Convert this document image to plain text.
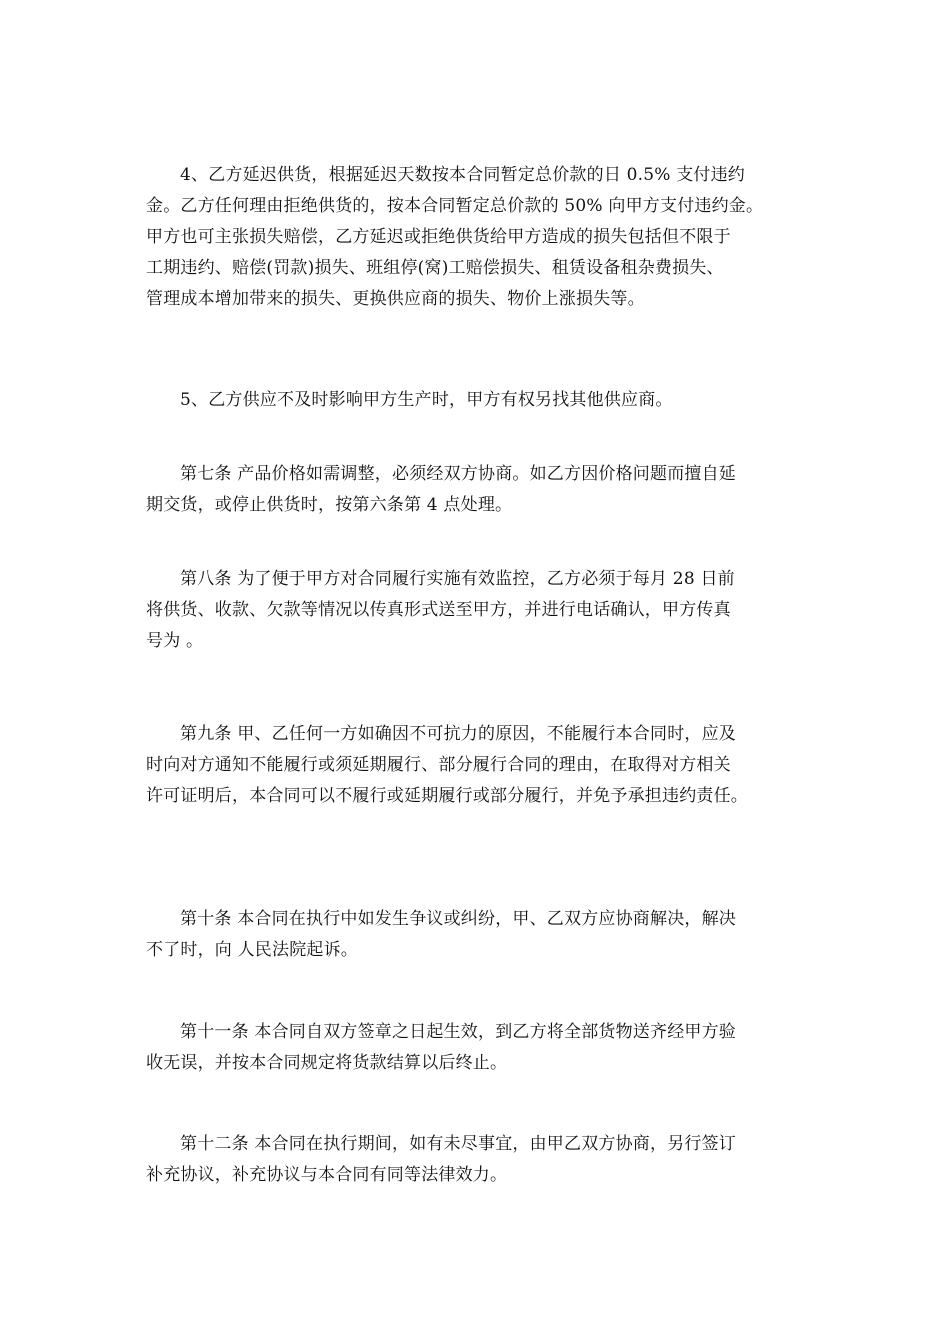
4、乙方延迟供货，根据延迟天数按本合同暂定总价款的日 0.5% 支付违约
金。乙方任何理由拒绝供货的，按本合同暂定总价款的 50% 向甲方支付违约金。
甲方也可主张损失赔偿，乙方延迟或拒绝供货给甲方造成的损失包括但不限于
工期违约、赔偿(罚款)损失、班组停(窝)工赔偿损失、租赁设备租杂费损失、
管理成本增加带来的损失、更换供应商的损失、物价上涨损失等。
5、乙方供应不及时影响甲方生产时，甲方有权另找其他供应商。
第七条 产品价格如需调整，必须经双方协商。如乙方因价格问题而擅自延
期交货，或停止供货时，按第六条第 4 点处理。
第八条 为了便于甲方对合同履行实施有效监控，乙方必须于每月 28 日前
将供货、收款、欠款等情况以传真形式送至甲方，并进行电话确认，甲方传真
号为 。
第九条 甲、乙任何一方如确因不可抗力的原因，不能履行本合同时，应及
时向对方通知不能履行或须延期履行、部分履行合同的理由，在取得对方相关
许可证明后，本合同可以不履行或延期履行或部分履行，并免予承担违约责任。
第十条 本合同在执行中如发生争议或纠纷，甲、乙双方应协商解决，解决
不了时，向 人民法院起诉。
第十一条 本合同自双方签章之日起生效，到乙方将全部货物送齐经甲方验
收无误，并按本合同规定将货款结算以后终止。
第十二条 本合同在执行期间，如有未尽事宜，由甲乙双方协商，另行签订
补充协议，补充协议与本合同有同等法律效力。
